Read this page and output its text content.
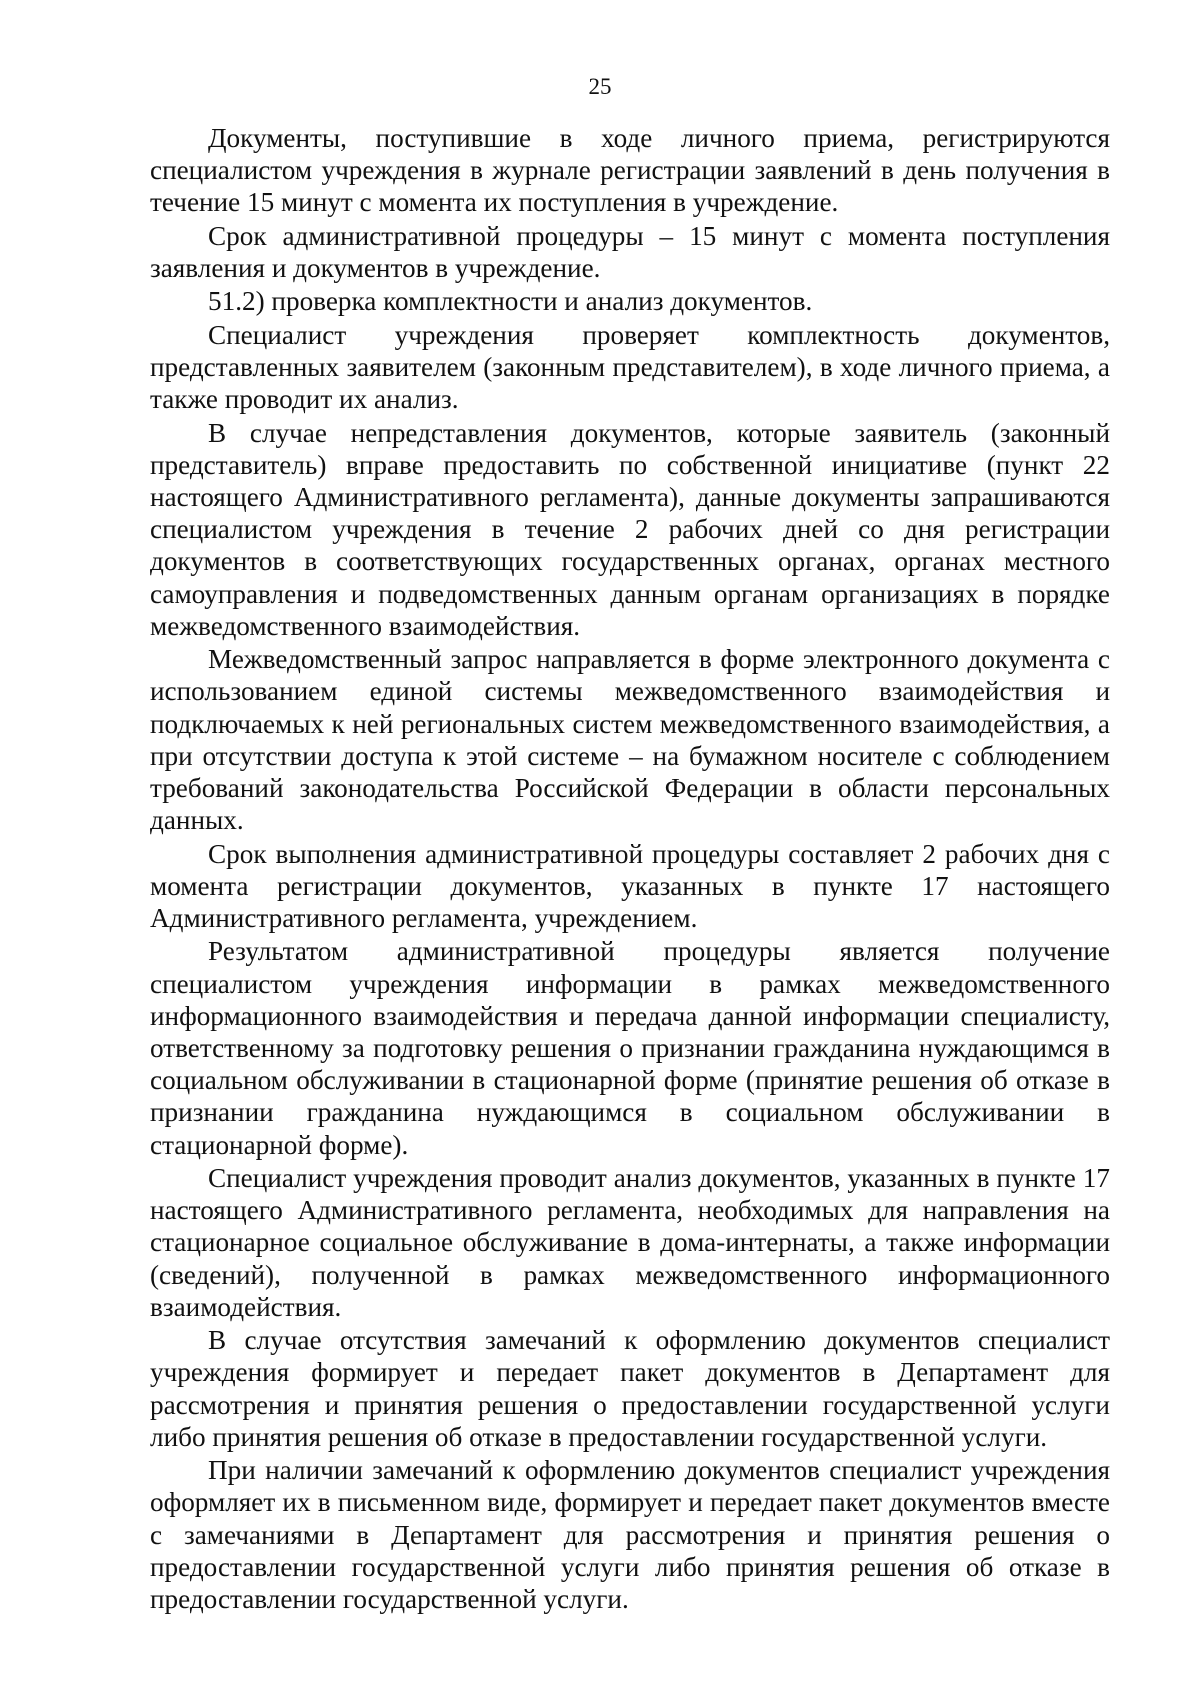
25

Документы, поступившие в ходе личного приема, регистрируются специалистом учреждения в журнале регистрации заявлений в день получения в течение 15 минут с момента их поступления в учреждение.

Срок административной процедуры – 15 минут с момента поступления заявления и документов в учреждение.

51.2) проверка комплектности и анализ документов.

Специалист учреждения проверяет комплектность документов, представленных заявителем (законным представителем), в ходе личного приема, а также проводит их анализ.

В случае непредставления документов, которые заявитель (законный представитель) вправе предоставить по собственной инициативе (пункт 22 настоящего Административного регламента), данные документы запрашиваются специалистом учреждения в течение 2 рабочих дней со дня регистрации документов в соответствующих государственных органах, органах местного самоуправления и подведомственных данным органам организациях в порядке межведомственного взаимодействия.

Межведомственный запрос направляется в форме электронного документа с использованием единой системы межведомственного взаимодействия и подключаемых к ней региональных систем межведомственного взаимодействия, а при отсутствии доступа к этой системе – на бумажном носителе с соблюдением требований законодательства Российской Федерации в области персональных данных.

Срок выполнения административной процедуры составляет 2 рабочих дня с момента регистрации документов, указанных в пункте 17 настоящего Административного регламента, учреждением.

Результатом административной процедуры является получение специалистом учреждения информации в рамках межведомственного информационного взаимодействия и передача данной информации специалисту, ответственному за подготовку решения о признании гражданина нуждающимся в социальном обслуживании в стационарной форме (принятие решения об отказе в признании гражданина нуждающимся в социальном обслуживании в стационарной форме).

Специалист учреждения проводит анализ документов, указанных в пункте 17 настоящего Административного регламента, необходимых для направления на стационарное социальное обслуживание в дома-интернаты, а также информации (сведений), полученной в рамках межведомственного информационного взаимодействия.

В случае отсутствия замечаний к оформлению документов специалист учреждения формирует и передает пакет документов в Департамент для рассмотрения и принятия решения о предоставлении государственной услуги либо принятия решения об отказе в предоставлении государственной услуги.

При наличии замечаний к оформлению документов специалист учреждения оформляет их в письменном виде, формирует и передает пакет документов вместе с замечаниями в Департамент для рассмотрения и принятия решения о предоставлении государственной услуги либо принятия решения об отказе в предоставлении государственной услуги.
